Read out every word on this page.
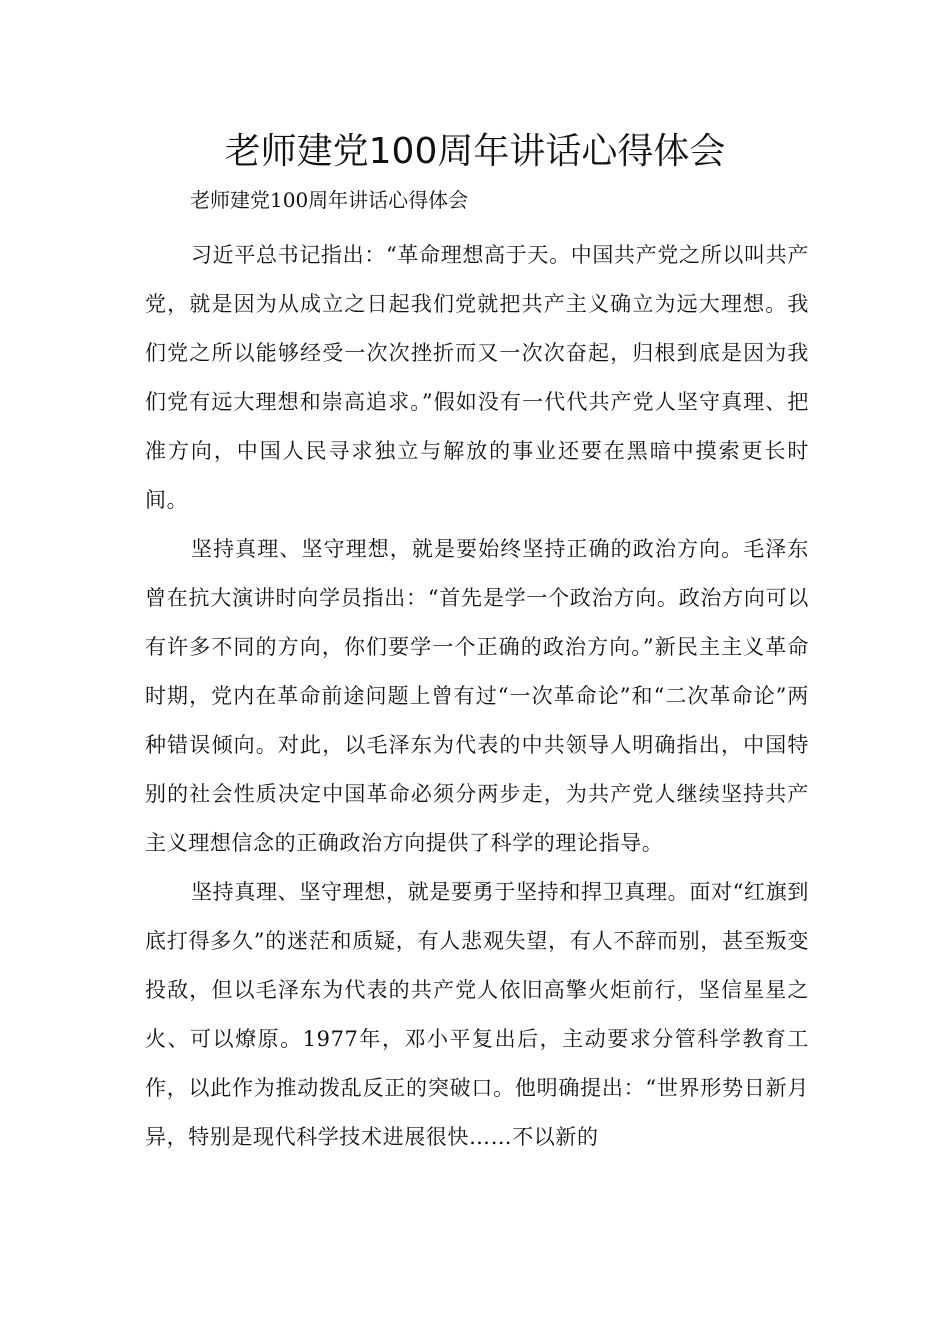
老师建党100周年讲话心得体会

老师建党100周年讲话心得体会

习近平总书记指出：“革命理想高于天。中国共产党之所以叫共产党，就是因为从成立之日起我们党就把共产主义确立为远大理想。我们党之所以能够经受一次次挫折而又一次次奋起，归根到底是因为我们党有远大理想和崇高追求。”假如没有一代代共产党人坚守真理、把准方向，中国人民寻求独立与解放的事业还要在黑暗中摸索更长时间。

坚持真理、坚守理想，就是要始终坚持正确的政治方向。毛泽东曾在抗大演讲时向学员指出：“首先是学一个政治方向。政治方向可以有许多不同的方向，你们要学一个正确的政治方向。”新民主主义革命时期，党内在革命前途问题上曾有过“一次革命论”和“二次革命论”两种错误倾向。对此，以毛泽东为代表的中共领导人明确指出，中国特别的社会性质决定中国革命必须分两步走，为共产党人继续坚持共产主义理想信念的正确政治方向提供了科学的理论指导。

坚持真理、坚守理想，就是要勇于坚持和捍卫真理。面对“红旗到底打得多久”的迷茫和质疑，有人悲观失望，有人不辞而别，甚至叛变投敌，但以毛泽东为代表的共产党人依旧高擎火炬前行，坚信星星之火、可以燎原。1977年，邓小平复出后，主动要求分管科学教育工作，以此作为推动拨乱反正的突破口。他明确提出：“世界形势日新月异，特别是现代科学技术进展很快……不以新的
